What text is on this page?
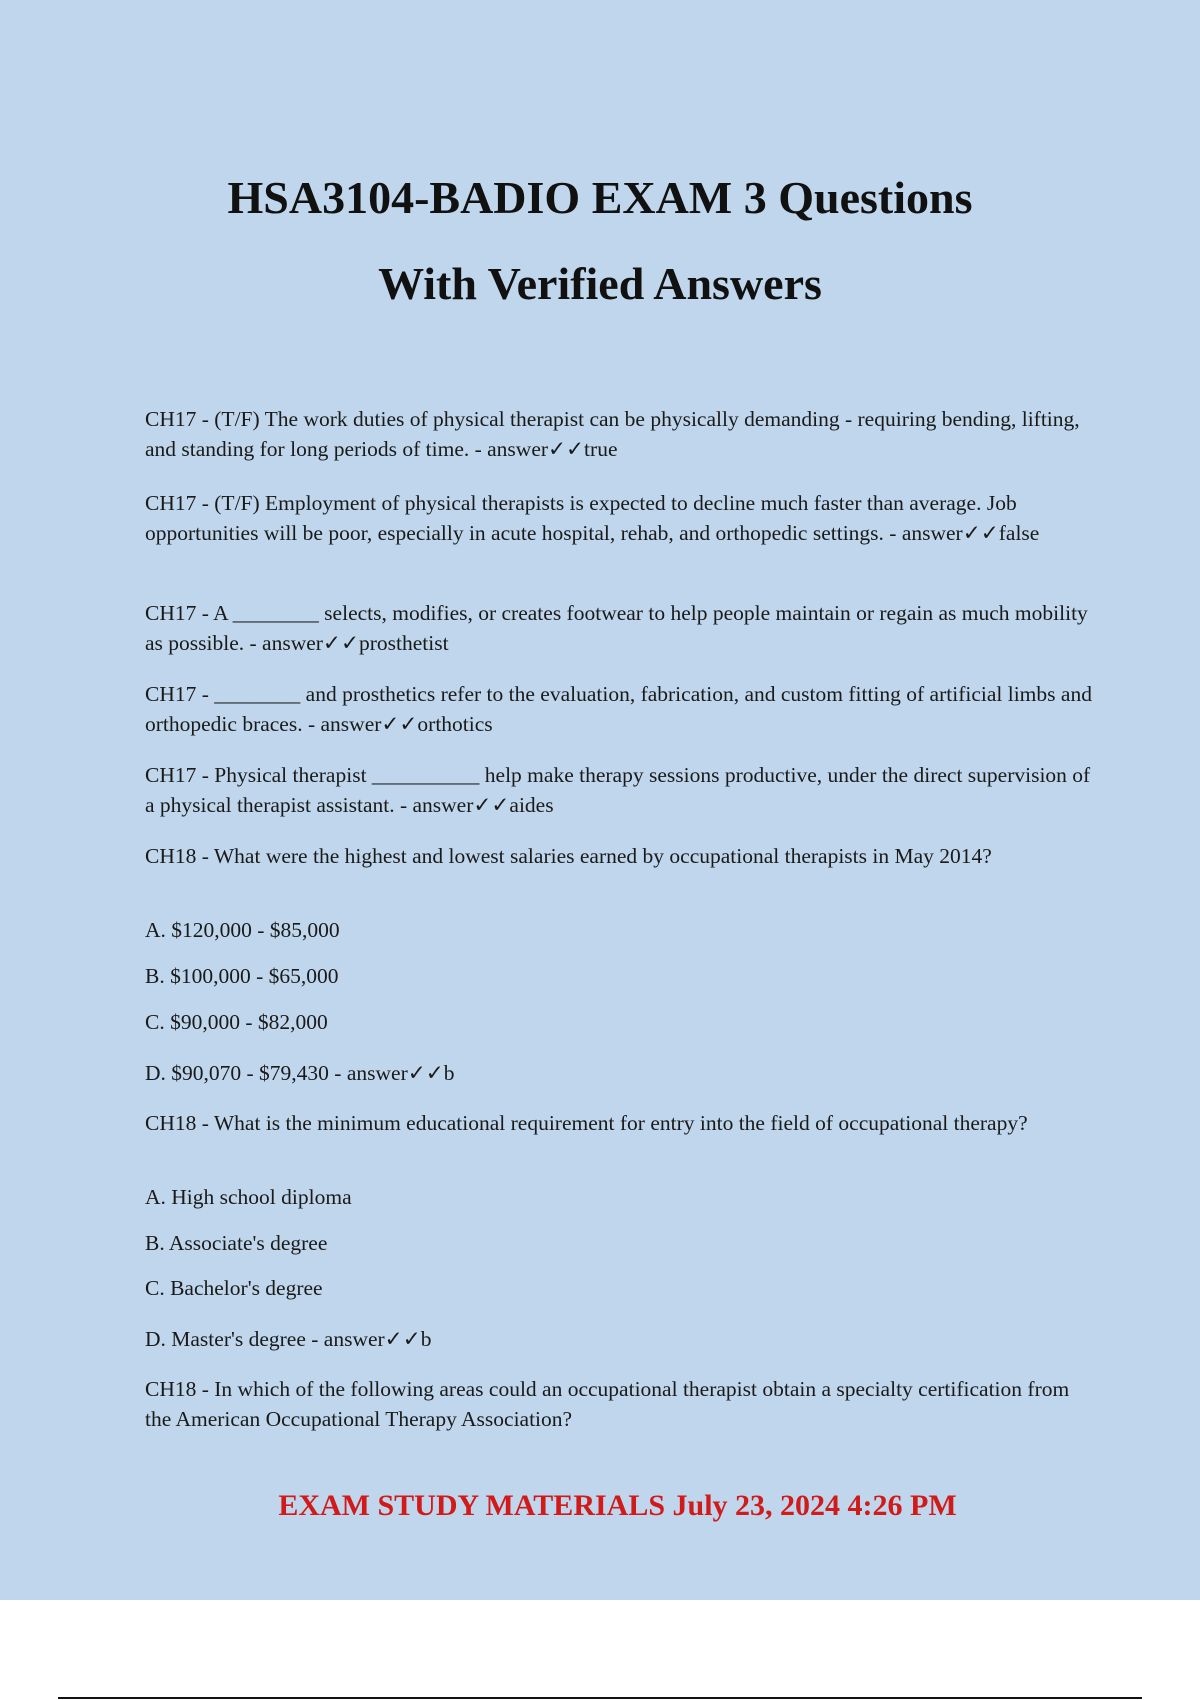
HSA3104-BADIO EXAM 3 Questions
With Verified Answers

CH17 - (T/F) The work duties of physical therapist can be physically demanding - requiring bending, lifting, and standing for long periods of time. - answer✓✓true

CH17 - (T/F) Employment of physical therapists is expected to decline much faster than average. Job opportunities will be poor, especially in acute hospital, rehab, and orthopedic settings. - answer✓✓false

CH17 - A ________ selects, modifies, or creates footwear to help people maintain or regain as much mobility as possible. - answer✓✓prosthetist

CH17 - ________ and prosthetics refer to the evaluation, fabrication, and custom fitting of artificial limbs and orthopedic braces. - answer✓✓orthotics

CH17 - Physical therapist __________ help make therapy sessions productive, under the direct supervision of a physical therapist assistant. - answer✓✓aides

CH18 - What were the highest and lowest salaries earned by occupational therapists in May 2014?

A. $120,000 - $85,000

B. $100,000 - $65,000

C. $90,000 - $82,000

D. $90,070 - $79,430 - answer✓✓b

CH18 - What is the minimum educational requirement for entry into the field of occupational therapy?

A. High school diploma

B. Associate's degree

C. Bachelor's degree

D. Master's degree - answer✓✓b

CH18 - In which of the following areas could an occupational therapist obtain a specialty certification from the American Occupational Therapy Association?

EXAM STUDY MATERIALS July 23, 2024 4:26 PM
